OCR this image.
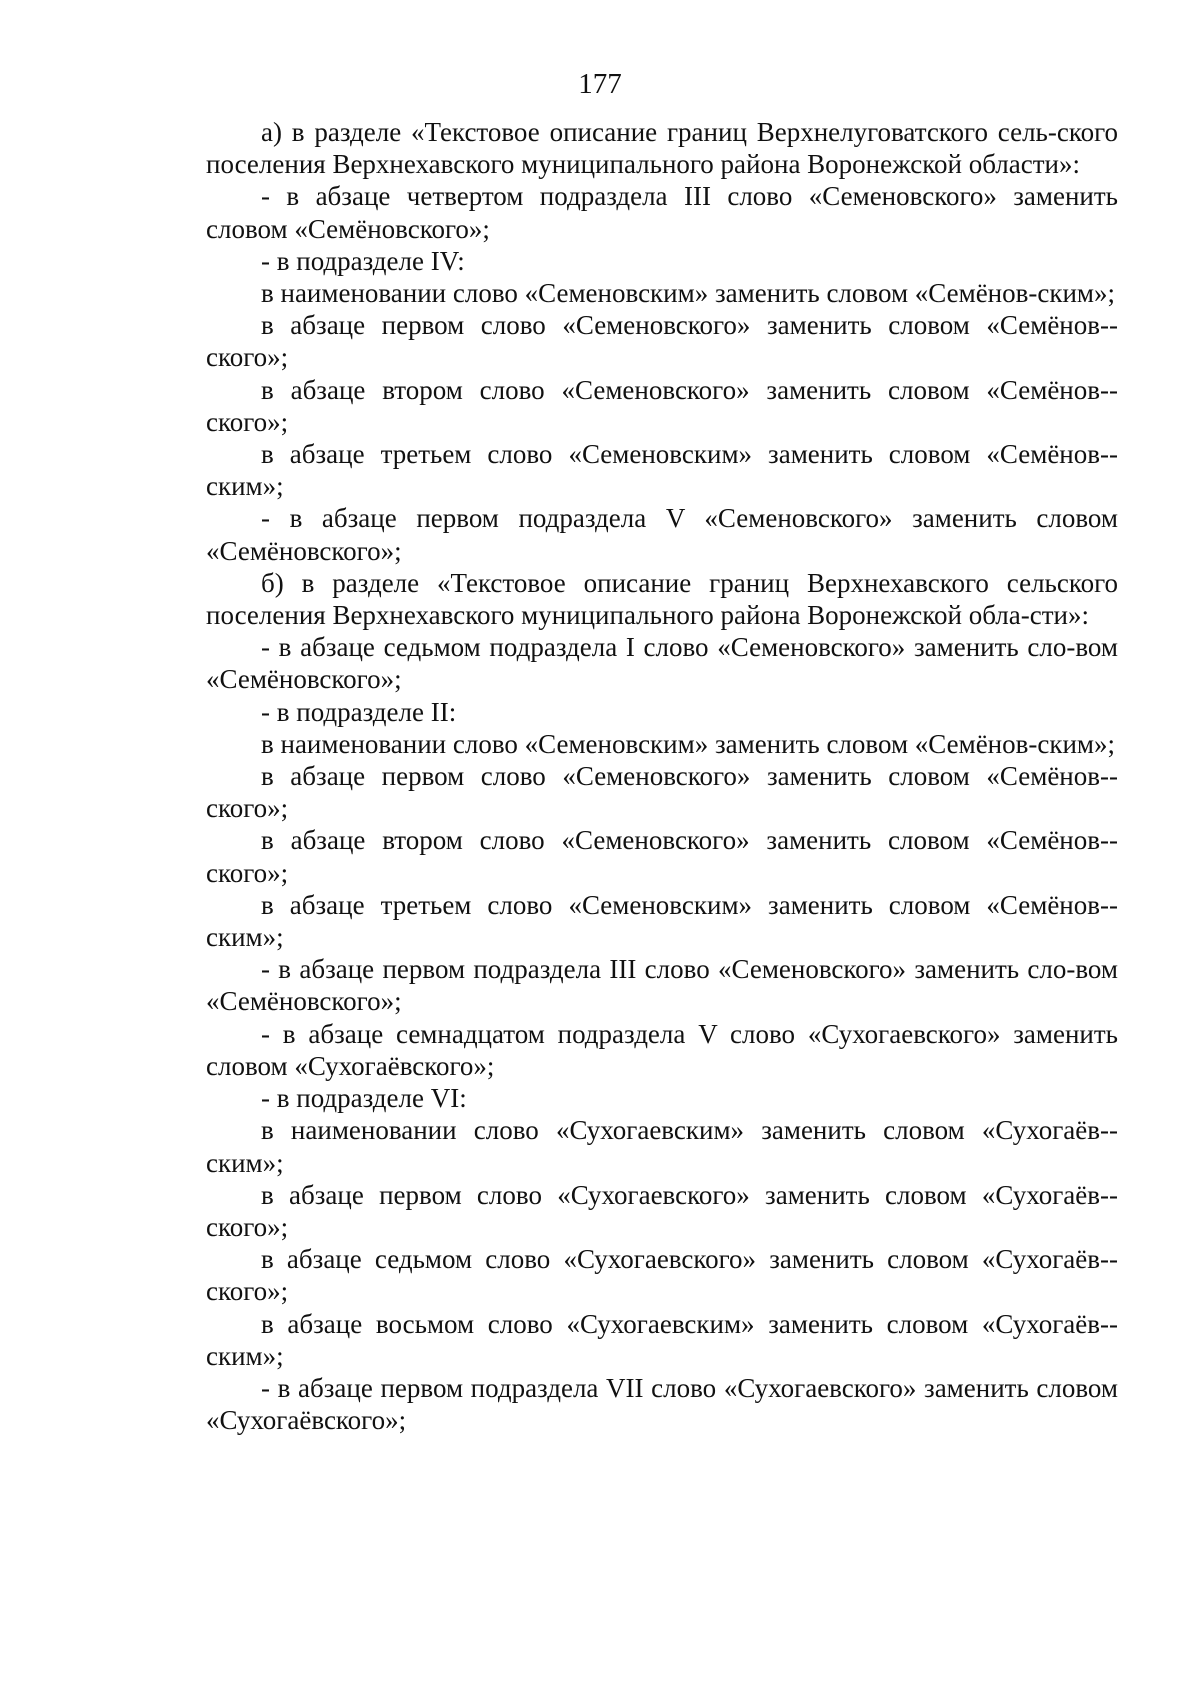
177

а) в разделе «Текстовое описание границ Верхнелуговатского сель-ского поселения Верхнехавского муниципального района Воронежской области»:

- в абзаце четвертом подраздела III слово «Семеновского» заменить словом «Семёновского»;

- в подразделе IV:

в наименовании слово «Семеновским» заменить словом «Семёнов-ским»;

в абзаце первом слово «Семеновского» заменить словом «Семёнов-ского»;

в абзаце втором слово «Семеновского» заменить словом «Семёнов-ского»;

в абзаце третьем слово «Семеновским» заменить словом «Семёнов-ским»;

- в абзаце первом подраздела V «Семеновского» заменить словом «Семёновского»;

б) в разделе «Текстовое описание границ Верхнехавского сельского поселения Верхнехавского муниципального района Воронежской обла-сти»:

- в абзаце седьмом подраздела I слово «Семеновского» заменить сло-вом «Семёновского»;

- в подразделе II:

в наименовании слово «Семеновским» заменить словом «Семёнов-ским»;

в абзаце первом слово «Семеновского» заменить словом «Семёнов-ского»;

в абзаце втором слово «Семеновского» заменить словом «Семёнов-ского»;

в абзаце третьем слово «Семеновским» заменить словом «Семёнов-ским»;

- в абзаце первом подраздела III слово «Семеновского» заменить сло-вом «Семёновского»;

- в абзаце семнадцатом подраздела V слово «Сухогаевского» заменить словом «Сухогаёвского»;

- в подразделе VI:

в наименовании слово «Сухогаевским» заменить словом «Сухогаёв-ским»;

в абзаце первом слово «Сухогаевского» заменить словом «Сухогаёв-ского»;

в абзаце седьмом слово «Сухогаевского» заменить словом «Сухогаёв-ского»;

в абзаце восьмом слово «Сухогаевским» заменить словом «Сухогаёв-ским»;

- в абзаце первом подраздела VII слово «Сухогаевского» заменить словом «Сухогаёвского»;
